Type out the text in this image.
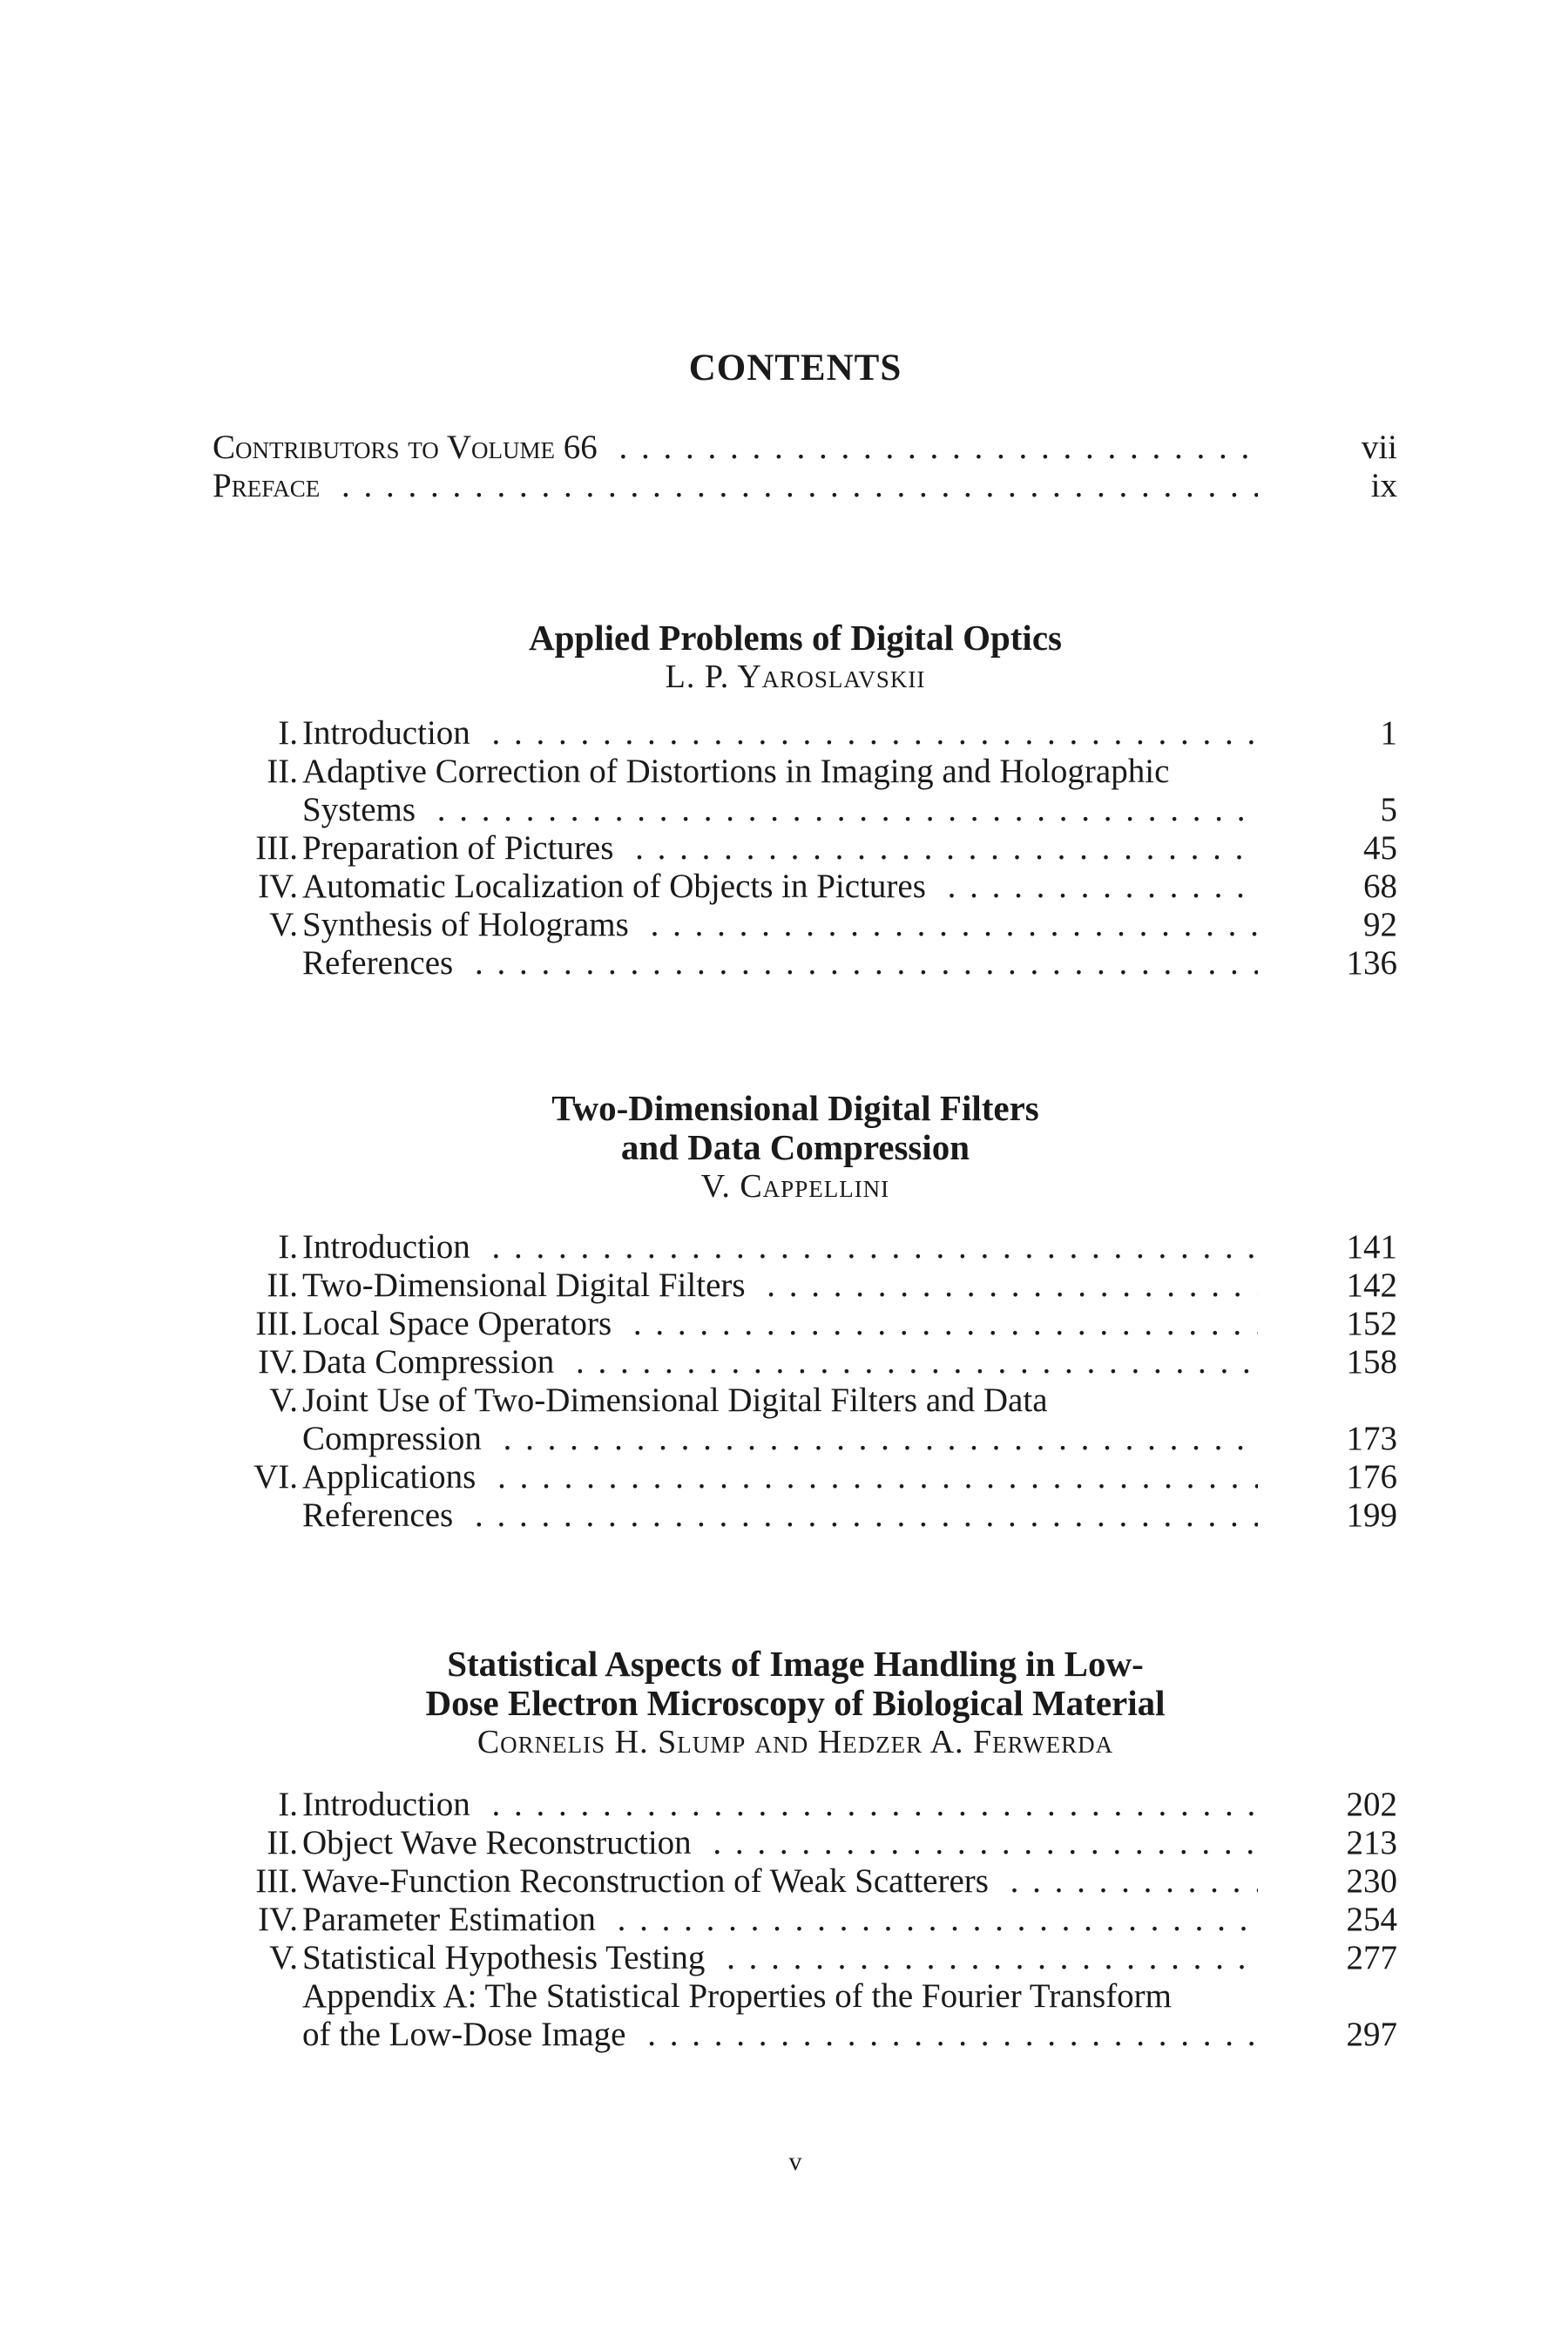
CONTENTS
Contributors to Volume 66 . . .	vii
Preface . . .	ix
Applied Problems of Digital Optics
L. P. Yaroslavskii
I. Introduction . . .	1
II. Adaptive Correction of Distortions in Imaging and Holographic
Systems . . .	5
III. Preparation of Pictures . . .	45
IV. Automatic Localization of Objects in Pictures . . .	68
V. Synthesis of Holograms . . .	92
References . . .	136
Two-Dimensional Digital Filters
and Data Compression
V. Cappellini
I. Introduction . . .	141
II. Two-Dimensional Digital Filters . . .	142
III. Local Space Operators . . .	152
IV. Data Compression . . .	158
V. Joint Use of Two-Dimensional Digital Filters and Data
Compression . . .	173
VI. Applications . . .	176
References . . .	199
Statistical Aspects of Image Handling in Low-
Dose Electron Microscopy of Biological Material
Cornelis H. Slump and Hedzer A. Ferwerda
I. Introduction . . .	202
II. Object Wave Reconstruction . . .	213
III. Wave-Function Reconstruction of Weak Scatterers . . .	230
IV. Parameter Estimation . . .	254
V. Statistical Hypothesis Testing . . .	277
Appendix A: The Statistical Properties of the Fourier Transform
of the Low-Dose Image . . .	297
v
